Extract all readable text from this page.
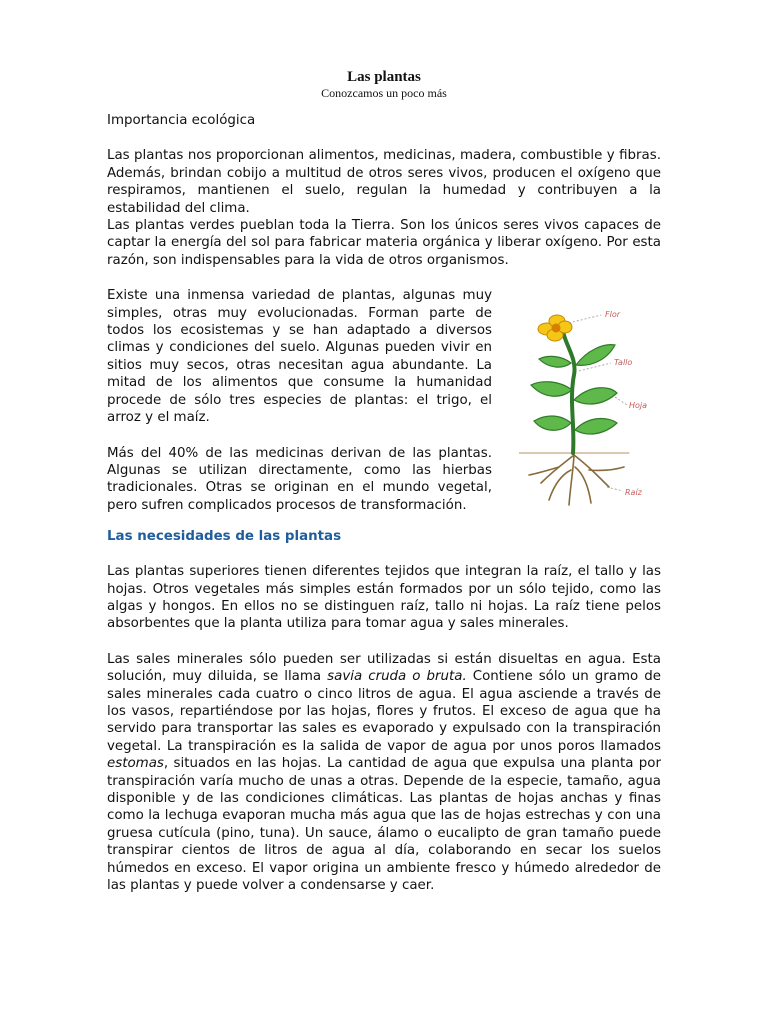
Las plantas
Conozcamos un poco más

Importancia ecológica

Las plantas nos proporcionan alimentos, medicinas, madera, combustible y fibras. Además, brindan cobijo a multitud de otros seres vivos, producen el oxígeno que respiramos, mantienen el suelo, regulan la humedad y contribuyen a la estabilidad del clima.

Las plantas verdes pueblan toda la Tierra. Son los únicos seres vivos capaces de captar la energía del sol para fabricar materia orgánica y liberar oxígeno. Por esta razón, son indispensables para la vida de otros organismos.

Existe una inmensa variedad de plantas, algunas muy simples, otras muy evolucionadas. Forman parte de todos los ecosistemas y se han adaptado a diversos climas y condiciones del suelo. Algunas pueden vivir en sitios muy secos, otras necesitan agua abundante. La mitad de los alimentos que consume la humanidad procede de sólo tres especies de plantas: el trigo, el arroz y el maíz.

Más del 40% de las medicinas derivan de las plantas. Algunas se utilizan directamente, como las hierbas tradicionales. Otras se originan en el mundo vegetal, pero sufren complicados procesos de transformación.

Flor
Tallo
Hoja
Raíz
Las necesidades de las plantas

Las plantas superiores tienen diferentes tejidos que integran la raíz, el tallo y las hojas. Otros vegetales más simples están formados por un sólo tejido, como las algas y hongos. En ellos no se distinguen raíz, tallo ni hojas. La raíz tiene pelos absorbentes que la planta utiliza para tomar agua y sales minerales.

Las sales minerales sólo pueden ser utilizadas si están disueltas en agua. Esta solución, muy diluida, se llama savia cruda o bruta. Contiene sólo un gramo de sales minerales cada cuatro o cinco litros de agua. El agua asciende a través de los vasos, repartiéndose por las hojas, flores y frutos. El exceso de agua que ha servido para transportar las sales es evaporado y expulsado con la transpiración vegetal. La transpiración es la salida de vapor de agua por unos poros llamados estomas, situados en las hojas. La cantidad de agua que expulsa una planta por transpiración varía mucho de unas a otras. Depende de la especie, tamaño, agua disponible y de las condiciones climáticas. Las plantas de hojas anchas y finas como la lechuga evaporan mucha más agua que las de hojas estrechas y con una gruesa cutícula (pino, tuna). Un sauce, álamo o eucalipto de gran tamaño puede transpirar cientos de litros de agua al día, colaborando en secar los suelos húmedos en exceso. El vapor origina un ambiente fresco y húmedo alrededor de las plantas y puede volver a condensarse y caer.
